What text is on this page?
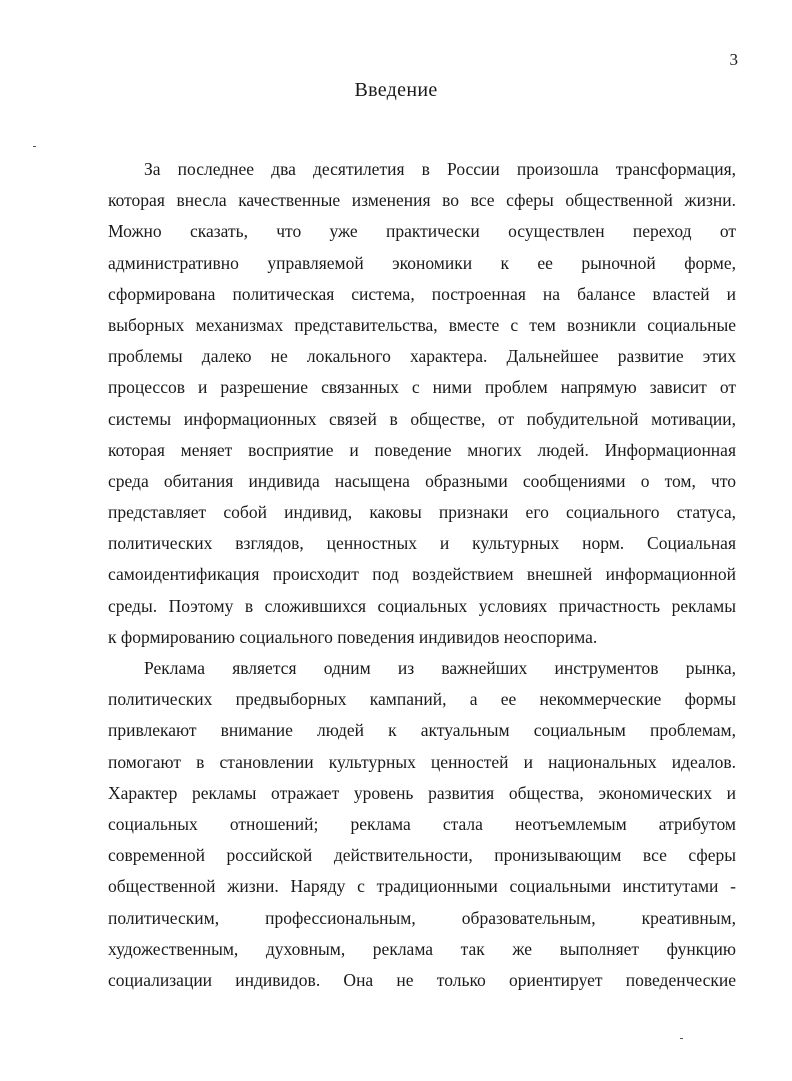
3
Введение

За последнее два десятилетия в России произошла трансформация,
которая внесла качественные изменения во все сферы общественной жизни.
Можно сказать, что уже практически осуществлен переход от
административно управляемой экономики к ее рыночной форме,
сформирована политическая система, построенная на балансе властей и
выборных механизмах представительства, вместе с тем возникли социальные
проблемы далеко не локального характера. Дальнейшее развитие этих
процессов и разрешение связанных с ними проблем напрямую зависит от
системы информационных связей в обществе, от побудительной мотивации,
которая меняет восприятие и поведение многих людей. Информационная
среда обитания индивида насыщена образными сообщениями о том, что
представляет собой индивид, каковы признаки его социального статуса,
политических взглядов, ценностных и культурных норм. Социальная
самоидентификация происходит под воздействием внешней информационной
среды. Поэтому в сложившихся социальных условиях причастность рекламы
к формированию социального поведения индивидов неоспорима.

Реклама является одним из важнейших инструментов рынка,
политических предвыборных кампаний, а ее некоммерческие формы
привлекают внимание людей к актуальным социальным проблемам,
помогают в становлении культурных ценностей и национальных идеалов.
Характер рекламы отражает уровень развития общества, экономических и
социальных отношений; реклама стала неотъемлемым атрибутом
современной российской действительности, пронизывающим все сферы
общественной жизни. Наряду с традиционными социальными институтами -
политическим, профессиональным, образовательным, креативным,
художественным, духовным, реклама так же выполняет функцию
социализации индивидов. Она не только ориентирует поведенческие
